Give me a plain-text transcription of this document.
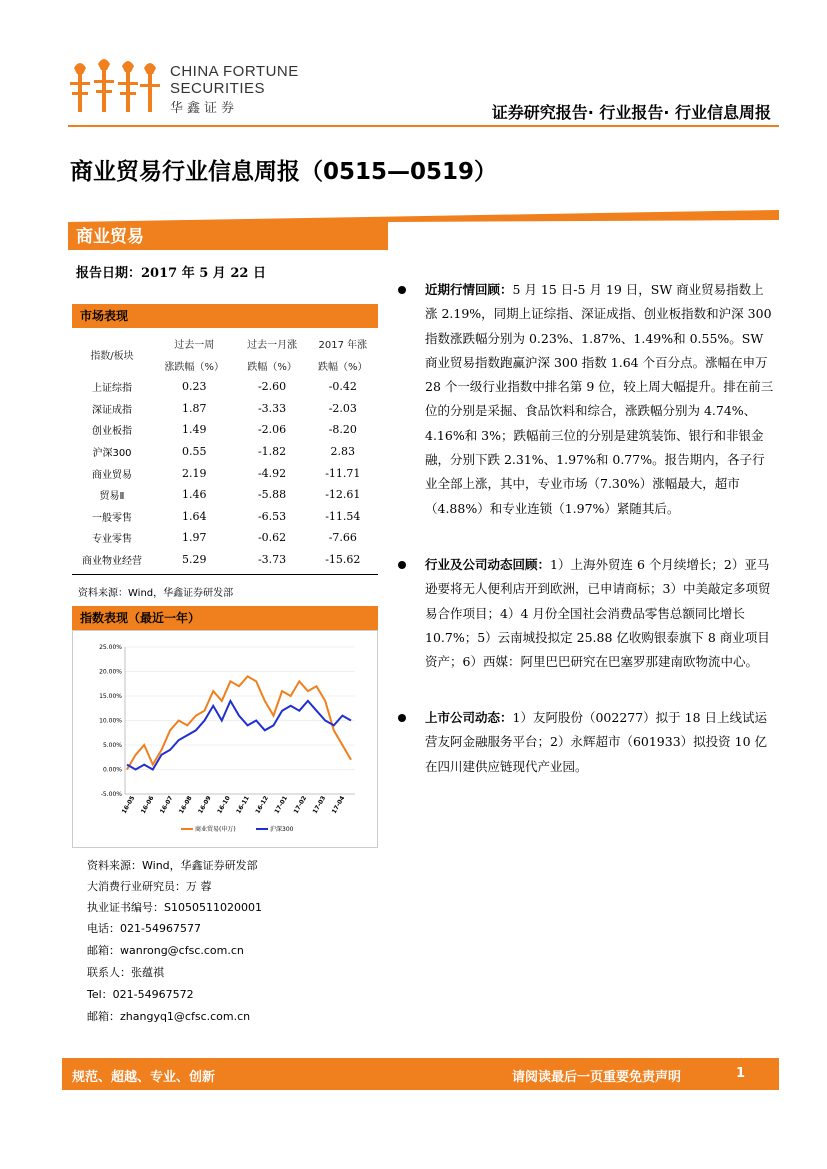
CHINA FORTUNE
SECURITIES
华鑫证券	证券研究报告· 行业报告· 行业信息周报
商业贸易行业信息周报（0515—0519）
商业贸易
报告日期：2017 年 5 月 22 日
市场表现
指数/板块	过去一周	过去一月涨	2017 年涨
	涨跌幅（%）	跌幅（%）	跌幅（%）
上证综指	0.23	-2.60	-0.42
深证成指	1.87	-3.33	-2.03
创业板指	1.49	-2.06	-8.20
沪深300	0.55	-1.82	2.83
商业贸易	2.19	-4.92	-11.71
贸易Ⅱ	1.46	-5.88	-12.61
一般零售	1.64	-6.53	-11.54
专业零售	1.97	-0.62	-7.66
商业物业经营	5.29	-3.73	-15.62
资料来源：Wind，华鑫证券研发部
指数表现（最近一年）
25.00%
20.00%
15.00%
10.00%
5.00%
0.00%
-5.00%
16-05 16-06 16-07 16-08 16-09 16-10 16-11 16-12 17-01 17-02 17-03 17-04
商业贸易(申万)	沪深300
资料来源：Wind，华鑫证券研发部
大消费行业研究员：万 蓉
执业证书编号：S1050511020001
电话：021-54967577
邮箱：wanrong@cfsc.com.cn
联系人：张蕴祺
Tel：021-54967572
邮箱：zhangyq1@cfsc.com.cn
近期行情回顾：5 月 15 日-5 月 19 日，SW 商业贸易指数上涨 2.19%，同期上证综指、深证成指、创业板指数和沪深 300 指数涨跌幅分别为 0.23%、1.87%、1.49%和 0.55%。SW 商业贸易指数跑赢沪深 300 指数 1.64 个百分点。涨幅在申万 28 个一级行业指数中排名第 9 位，较上周大幅提升。排在前三位的分别是采掘、食品饮料和综合，涨跌幅分别为 4.74%、4.16%和 3%；跌幅前三位的分别是建筑装饰、银行和非银金融，分别下跌 2.31%、1.97%和 0.77%。报告期内，各子行业全部上涨，其中，专业市场（7.30%）涨幅最大，超市（4.88%）和专业连锁（1.97%）紧随其后。
行业及公司动态回顾：1）上海外贸连 6 个月续增长；2）亚马逊要将无人便利店开到欧洲，已申请商标；3）中美敲定多项贸易合作项目；4）4 月份全国社会消费品零售总额同比增长 10.7%；5）云南城投拟定 25.88 亿收购银泰旗下 8 商业项目资产；6）西媒：阿里巴巴研究在巴塞罗那建南欧物流中心。
上市公司动态：1）友阿股份（002277）拟于 18 日上线试运营友阿金融服务平台；2）永辉超市（601933）拟投资 10 亿在四川建供应链现代产业园。
规范、超越、专业、创新	请阅读最后一页重要免责声明	1
